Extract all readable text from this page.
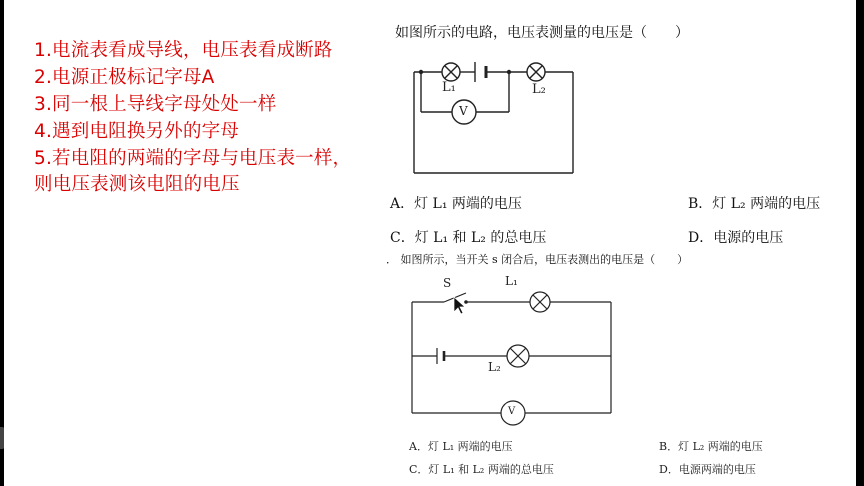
1.电流表看成导线，电压表看成断路
2.电源正极标记字母A
3.同一根上导线字母处处一样
4.遇到电阻换另外的字母
5.若电阻的两端的字母与电压表一样，
则电压表测该电阻的电压
如图所示的电路，电压表测量的电压是（　　）
L₁	L₂
V
A．灯 L₁ 两端的电压	B．灯 L₂ 两端的电压
C．灯 L₁ 和 L₂ 的总电压	D．电源的电压
． 如图所示，当开关 s 闭合后，电压表测出的电压是（　　）
S	L₁
L₂
V
A．灯 L₁ 两端的电压	B．灯 L₂ 两端的电压
C．灯 L₁ 和 L₂ 两端的总电压	D．电源两端的电压
